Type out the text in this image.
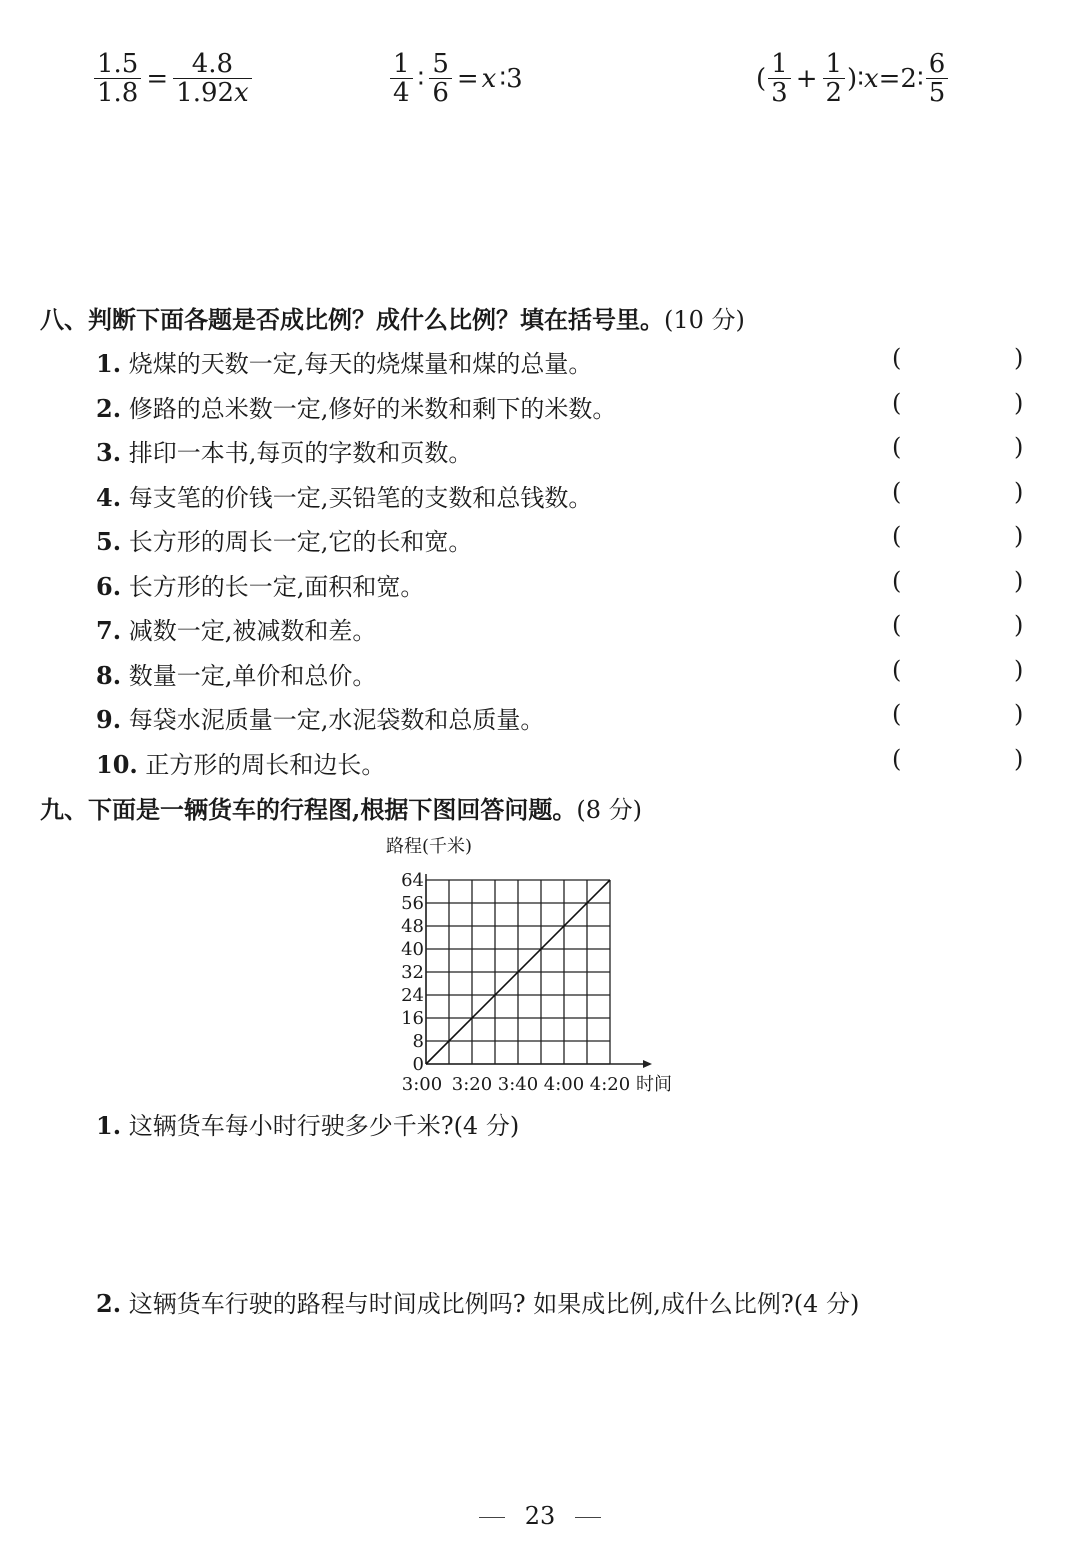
$\frac{1.5}{1.8} = \frac{4.8}{1.92x}$	$\frac{1}{4}$ ∶ $\frac{5}{6} = x$ ∶3	( $\frac{1}{3} + \frac{1}{2}$ )∶ x =2∶ $\frac{6}{5}$
八、判断下面各题是否成比例？成什么比例？填在括号里。(10 分)
1. 烧煤的天数一定,每天的烧煤量和煤的总量。	(	)
2. 修路的总米数一定,修好的米数和剩下的米数。	(	)
3. 排印一本书,每页的字数和页数。	(	)
4. 每支笔的价钱一定,买铅笔的支数和总钱数。	(	)
5. 长方形的周长一定,它的长和宽。	(	)
6. 长方形的长一定,面积和宽。	(	)
7. 减数一定,被减数和差。	(	)
8. 数量一定,单价和总价。	(	)
9. 每袋水泥质量一定,水泥袋数和总质量。	(	)
10. 正方形的周长和边长。	(	)
九、下面是一辆货车的行程图,根据下图回答问题。(8 分)
0
8
16
24
32
40
48
56
64
3:00 3:20 3:40 4:00 4:20 时间
路程(千米)
1. 这辆货车每小时行驶多少千米?(4 分)
2. 这辆货车行驶的路程与时间成比例吗? 如果成比例,成什么比例?(4 分)
23
